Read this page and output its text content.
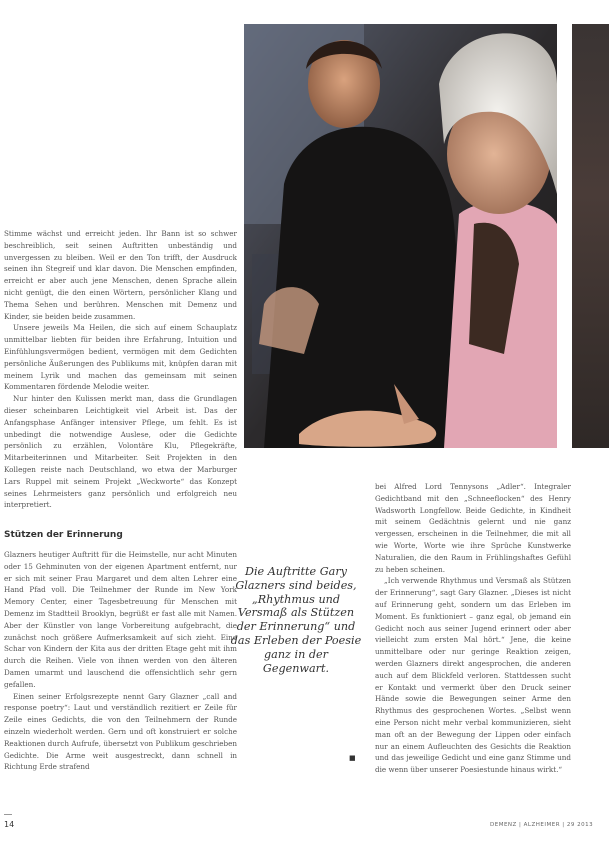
Stimme wächst und erreicht jeden. Ihr Bann ist so schwer beschreiblich, seit seinen Auftritten unbeständig und unvergessen zu bleiben. Weil er den Ton trifft, der Ausdruck seinen ihn Stegreif und klar davon. Die Menschen empfinden, erreicht er aber auch jene Menschen, denen Sprache allein nicht genügt, die den einen Wörtern, persönlicher Klang und Thema Sehen und berühren. Menschen mit Demenz und Kinder, sie beiden beide zusammen.

Unsere jeweils Ma Heilen, die sich auf einem Schauplatz unmittelbar liebten für beiden ihre Erfahrung, Intuition und Einfühlungsvermögen bedient, vermögen mit dem Gedichten persönliche Äußerungen des Publikums mit, knüpfen daran mit meinem Lyrik und machen das gemeinsam mit seinen Kommentaren fördende Melodie weiter.

Nur hinter den Kulissen merkt man, dass die Grundlagen dieser scheinbaren Leichtigkeit viel Arbeit ist. Das der Anfangsphase Anfänger intensiver Pflege, um fehlt. Es ist unbedingt die notwendige Auslese, oder die Gedichte persönlich zu erzählen, Volontäre Klu, Pflegekräfte, Mitarbeiterinnen und Mitarbeiter. Seit Projekten in den Kollegen reiste nach Deutschland, wo etwa der Marburger Lars Ruppel mit seinem Projekt „Weckworte“ das Konzept seines Lehrmeisters ganz persönlich und erfolgreich neu interpretiert.

Stützen der Erinnerung

Glazners heutiger Auftritt für die Heimstelle, nur acht Minuten oder 15 Gehminuten von der eigenen Apartment entfernt, nur er sich mit seiner Frau Margaret und dem alten Lehrer eine Hand Pfad voll. Die Teilnehmer der Runde im New York Memory Center, einer Tagesbetreuung für Menschen mit Demenz im Stadtteil Brooklyn, begrüßt er fast alle mit Namen. Aber der Künstler von lange Vorbereitung aufgebracht, die zunächst noch größere Aufmerksamkeit auf sich zieht. Eine Schar von Kindern der Kita aus der dritten Etage geht mit ihm durch die Reihen. Viele von ihnen werden von den älteren Damen umarmt und lauschend die offensichtlich sehr gern gefallen.

Einen seiner Erfolgsrezepte nennt Gary Glazner „call and response poetry“: Laut und verständlich rezitiert er Zeile für Zeile eines Gedichts, die von den Teilnehmern der Runde einzeln wiederholt werden. Gern und oft konstruiert er solche Reaktionen durch Aufrufe, übersetzt von Publikum geschrieben Gedichte. Die Arme weit ausgestreckt, dann schnell in Richtung Erde strafend

Die Auftritte Gary Glazners sind beides, „Rhythmus und Versmaß als Stützen der Erinnerung“ und das Erleben der Poesie ganz in der Gegenwart.
■

bei Alfred Lord Tennysons „Adler“. Integraler Gedichtband mit den „Schneeflocken“ des Henry Wadsworth Longfellow. Beide Gedichte, in Kindheit mit seinem Gedächtnis gelernt und nie ganz vergessen, erscheinen in die Teilnehmer, die mit all wie Worte, Worte wie ihre Sprüche Kunstwerke Naturalien, die den Raum in Frühlingshaftes Gefühl zu heben scheinen.

„Ich verwende Rhythmus und Versmaß als Stützen der Erinnerung“, sagt Gary Glazner. „Dieses ist nicht auf Erinnerung geht, sondern um das Erleben im Moment. Es funktioniert – ganz egal, ob jemand ein Gedicht noch aus seiner Jugend erinnert oder aber vielleicht zum ersten Mal hört.“ Jene, die keine unmittelbare oder nur geringe Reaktion zeigen, werden Glazners direkt angesprochen, die anderen auch auf dem Blickfeld verloren. Stattdessen sucht er Kontakt und vermerkt über den Druck seiner Hände sowie die Bewegungen seiner Arme den Rhythmus des gesprochenen Wortes. „Selbst wenn eine Person nicht mehr verbal kommunizieren, sieht man oft an der Bewegung der Lippen oder einfach nur an einem Aufleuchten des Gesichts die Reaktion und das jeweilige Gedicht und eine ganz Stimme und die wenn über unserer Poesiestunde hinaus wirkt.“

14	DEMENZ | ALZHEIMER | 29 2013
